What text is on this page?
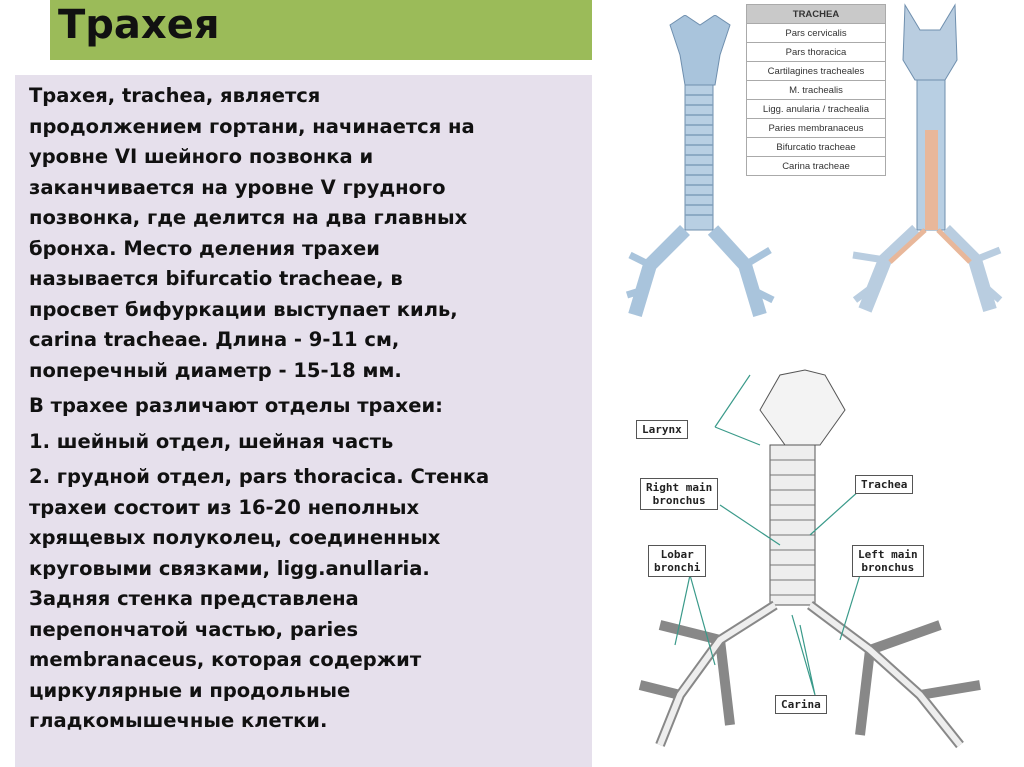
Трахея
Трахея, trachea, является
продолжением гортани, начинается на
уровне VI шейного позвонка и
заканчивается на уровне V грудного
позвонка, где делится на два главных
бронха. Место деления трахеи
называется bifurcatio tracheae, в
просвет бифуркации выступает киль,
carina tracheae. Длина - 9-11 см,
поперечный диаметр - 15-18 мм.
В трахее различают отделы трахеи:
1. шейный отдел, шейная часть
2. грудной отдел, pars thoracica. Стенка
трахеи состоит из 16-20 неполных
хрящевых полуколец, соединенных
круговыми связками, ligg.anullaria.
Задняя стенка представлена
перепончатой частью, paries
membranaceus, которая содержит
циркулярные и продольные
гладкомышечные клетки.
TRACHEA
Pars cervicalis
Pars thoracica
Cartilagines tracheales
M. trachealis
Ligg. anularia / trachealia
Paries membranaceus
Bifurcatio tracheae
Carina tracheae
Larynx
Right main
bronchus
Trachea
Lobar
bronchi
Left main
bronchus
Carina
